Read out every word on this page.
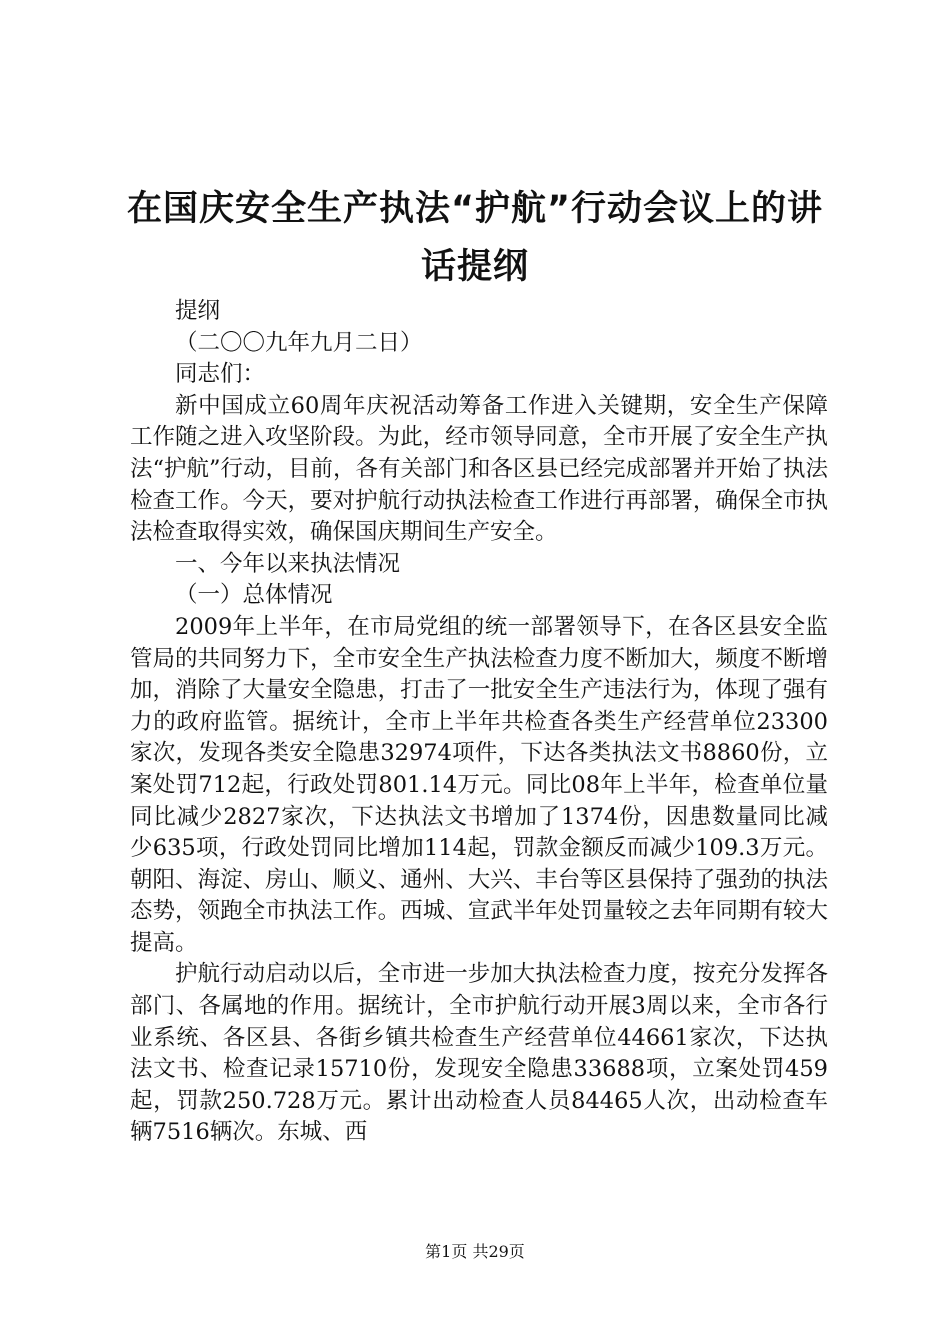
在国庆安全生产执法“护航”行动会议上的讲话提纲

提纲

（二〇〇九年九月二日）

同志们：

新中国成立60周年庆祝活动筹备工作进入关键期，安全生产保障工作随之进入攻坚阶段。为此，经市领导同意，全市开展了安全生产执法“护航”行动，目前，各有关部门和各区县已经完成部署并开始了执法检查工作。今天，要对护航行动执法检查工作进行再部署，确保全市执法检查取得实效，确保国庆期间生产安全。

一、今年以来执法情况

（一）总体情况

2009年上半年，在市局党组的统一部署领导下，在各区县安全监管局的共同努力下，全市安全生产执法检查力度不断加大，频度不断增加，消除了大量安全隐患，打击了一批安全生产违法行为，体现了强有力的政府监管。据统计，全市上半年共检查各类生产经营单位23300家次，发现各类安全隐患32974项件，下达各类执法文书8860份，立案处罚712起，行政处罚801.14万元。同比08年上半年，检查单位量同比减少2827家次，下达执法文书增加了1374份，因患数量同比减少635项，行政处罚同比增加114起，罚款金额反而减少109.3万元。朝阳、海淀、房山、顺义、通州、大兴、丰台等区县保持了强劲的执法态势，领跑全市执法工作。西城、宣武半年处罚量较之去年同期有较大提高。

护航行动启动以后，全市进一步加大执法检查力度，按充分发挥各部门、各属地的作用。据统计，全市护航行动开展3周以来，全市各行业系统、各区县、各街乡镇共检查生产经营单位44661家次，下达执法文书、检查记录15710份，发现安全隐患33688项，立案处罚459起，罚款250.728万元。累计出动检查人员84465人次，出动检查车辆7516辆次。东城、西

第1页 共29页
